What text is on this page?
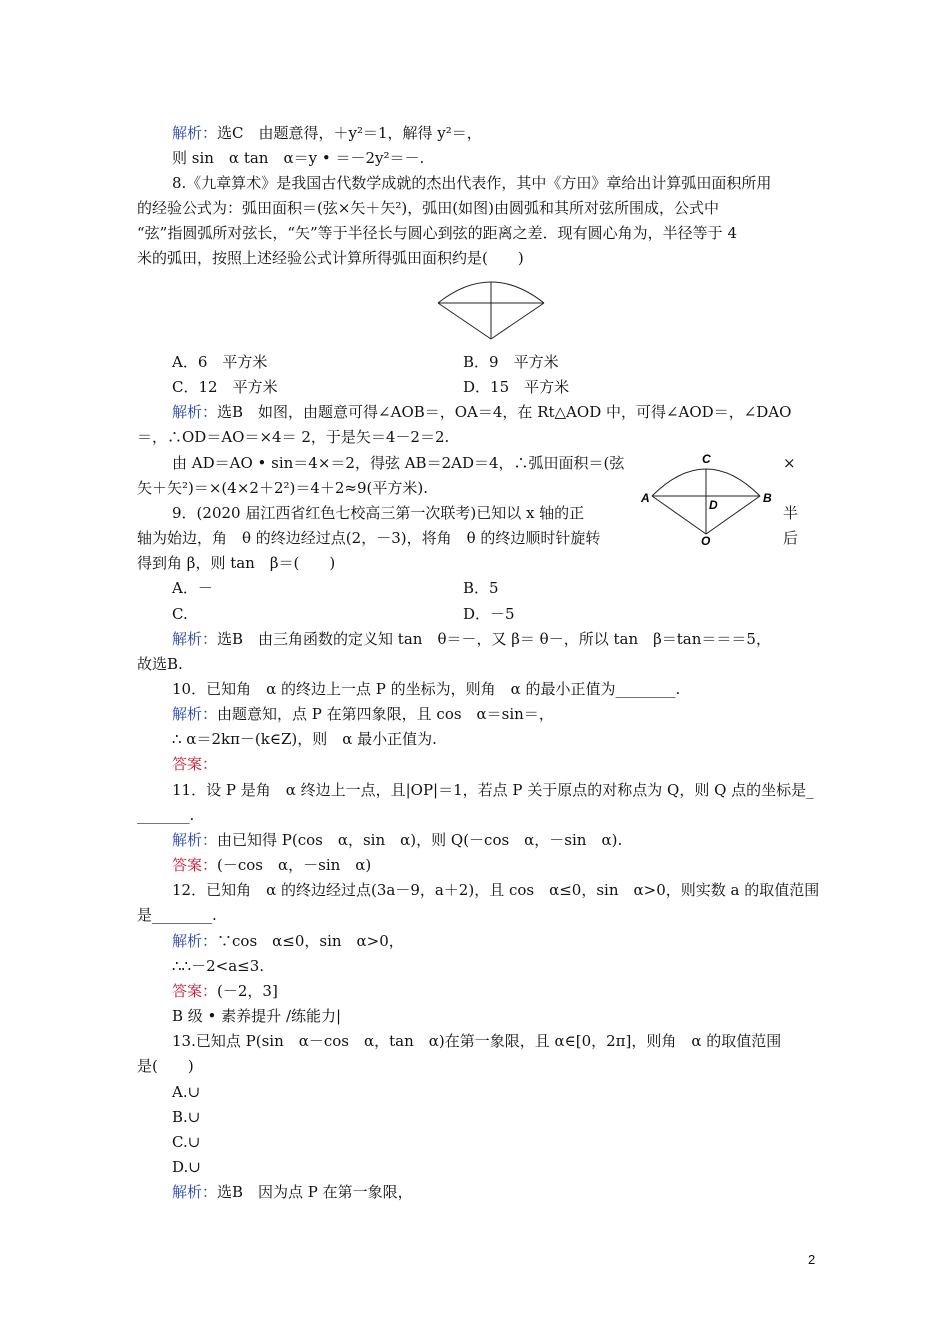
解析：选C　由题意得，＋y²＝1，解得 y²＝，
则 sin　α tan　α＝y • ＝－2y²＝－.
8.《九章算术》是我国古代数学成就的杰出代表作，其中《方田》章给出计算弧田面积所用
的经验公式为：弧田面积＝(弦×矢＋矢²)，弧田(如图)由圆弧和其所对弦所围成，公式中
“弦”指圆弧所对弦长，“矢”等于半径长与圆心到弦的距离之差．现有圆心角为，半径等于 4
米的弧田，按照上述经验公式计算所得弧田面积约是(　　)
A．6　平方米	B．9　平方米
C．12　平方米	D．15　平方米
解析：选B　如图，由题意可得∠AOB＝，OA＝4，在 Rt△AOD 中，可得∠AOD＝，∠DAO
＝，∴OD＝AO＝×4＝ 2，于是矢＝4－2＝2.
由 AD＝AO • sin＝4×＝2，得弦 AB＝2AD＝4，∴弧田面积＝(弦	×
矢＋矢²)＝×(4×2＋2²)＝4＋2≈9(平方米).
9．(2020 届江西省红色七校高三第一次联考)已知以 x 轴的正	半
轴为始边，角　θ 的终边经过点(2，－3)，将角　θ 的终边顺时针旋转	后
得到角 β，则 tan　β＝(　　)
C
A	B
D
O
A．－	B．5
C.	D．－5
解析：选B　由三角函数的定义知 tan　θ＝－，又 β＝ θ－，所以 tan　β＝tan＝＝＝5，
故选B.
10．已知角　α 的终边上一点 P 的坐标为，则角　α 的最小正值为________.
解析：由题意知，点 P 在第四象限，且 cos　α＝sin＝，
∴ α＝2kπ－(k∈Z)，则　α 最小正值为.
答案：
11．设 P 是角　α 终边上一点，且|OP|＝1，若点 P 关于原点的对称点为 Q，则 Q 点的坐标是_
_______.
解析：由已知得 P(cos　α，sin　α)，则 Q(－cos　α，－sin　α).
答案：(－cos　α，－sin　α)
12．已知角　α 的终边经过点(3a－9，a＋2)，且 cos　α≤0，sin　α>0，则实数 a 的取值范围
是________.
解析：∵cos　α≤0，sin　α>0，
∴∴－2<a≤3.
答案：(－2，3]
B 级 • 素养提升 /练能力|
13.已知点 P(sin　α－cos　α，tan　α)在第一象限，且 α∈[0，2π]，则角　α 的取值范围
是(　　)
A.∪
B.∪
C.∪
D.∪
解析：选B　因为点 P 在第一象限，
2
